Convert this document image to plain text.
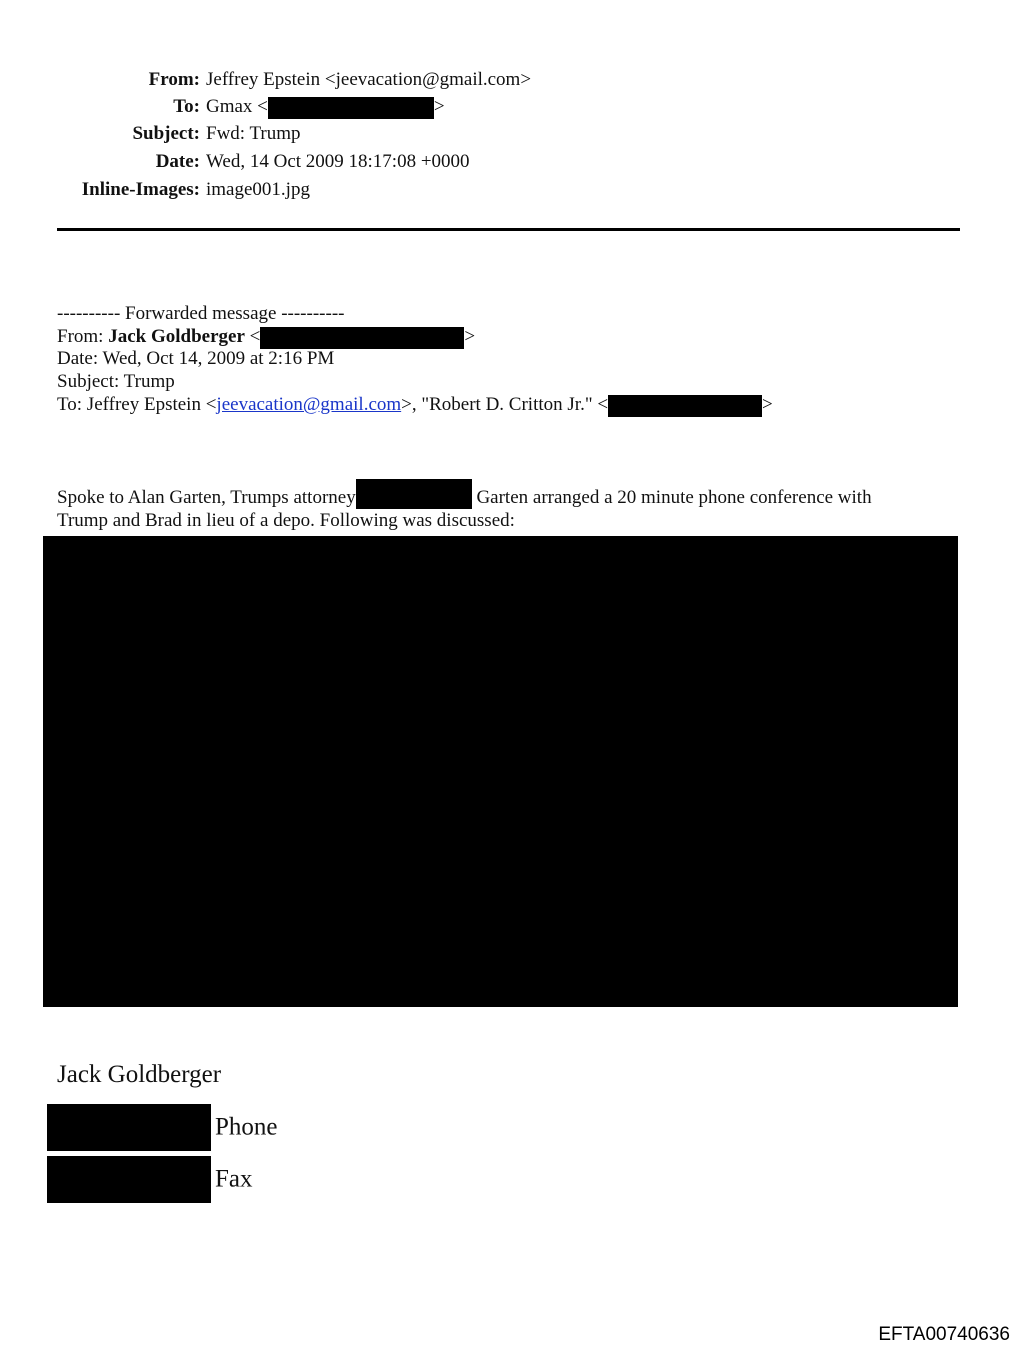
From: Jeffrey Epstein <jeevacation@gmail.com>
To: Gmax <	>
Subject: Fwd: Trump
Date: Wed, 14 Oct 2009 18:17:08 +0000
Inline-Images: image001.jpg
---------- Forwarded message ----------
From: Jack Goldberger <	>
Date: Wed, Oct 14, 2009 at 2:16 PM
Subject: Trump
To: Jeffrey Epstein <jeevacation@gmail.com>, "Robert D. Critton Jr." <	>
Spoke to Alan Garten, Trumps attorney	Garten arranged a 20 minute phone conference with
Trump and Brad in lieu of a depo. Following was discussed:
Jack Goldberger
Phone
Fax
EFTA00740636
